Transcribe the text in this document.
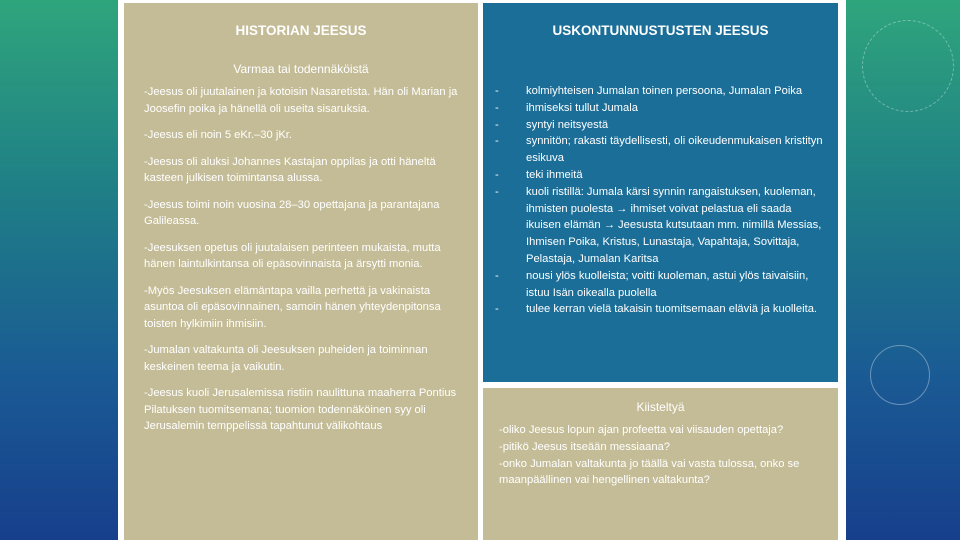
HISTORIAN JEESUS
Varmaa tai todennäköistä

-Jeesus oli juutalainen ja kotoisin Nasaretista. Hän oli Marian ja Joosefin poika ja hänellä oli useita sisaruksia.

-Jeesus eli noin 5 eKr.–30 jKr.

-Jeesus oli aluksi Johannes Kastajan oppilas ja otti häneltä kasteen julkisen toimintansa alussa.

-Jeesus toimi noin vuosina 28–30 opettajana ja parantajana Galileassa.

-Jeesuksen opetus oli juutalaisen perinteen mukaista, mutta hänen laintulkintansa oli epäsovinnaista ja ärsytti monia.

-Myös Jeesuksen elämäntapa vailla perhettä ja vakinaista asuntoa oli epäsovinnainen, samoin hänen yhteydenpitonsa toisten hylkimiin ihmisiin.

-Jumalan valtakunta oli Jeesuksen puheiden ja toiminnan keskeinen teema ja vaikutin.

-Jeesus kuoli Jerusalemissa ristiin naulittuna maaherra Pontius Pilatuksen tuomitsemana; tuomion todennäköinen syy oli Jerusalemin temppelissä tapahtunut välikohtaus

USKONTUNNUSTUSTEN JEESUS
-	kolmiyhteisen Jumalan toinen persoona, Jumalan Poika
-	ihmiseksi tullut Jumala
-	syntyi neitsyestä
-	synnitön; rakasti täydellisesti, oli oikeudenmukaisen kristityn esikuva
-	teki ihmeitä
-	kuoli ristillä: Jumala kärsi synnin rangaistuksen, kuoleman, ihmisten puolesta → ihmiset voivat pelastua eli saada ikuisen elämän → Jeesusta kutsutaan mm. nimillä Messias, Ihmisen Poika, Kristus, Lunastaja, Vapahtaja, Sovittaja, Pelastaja, Jumalan Karitsa
-	nousi ylös kuolleista; voitti kuoleman, astui ylös taivaisiin, istuu Isän oikealla puolella
-	tulee kerran vielä takaisin tuomitsemaan eläviä ja kuolleita.
Kiisteltyä
-oliko Jeesus lopun ajan profeetta vai viisauden opettaja?
-pitikö Jeesus itseään messiaana?
-onko Jumalan valtakunta jo täällä vai vasta tulossa, onko se maanpäällinen vai hengellinen valtakunta?
